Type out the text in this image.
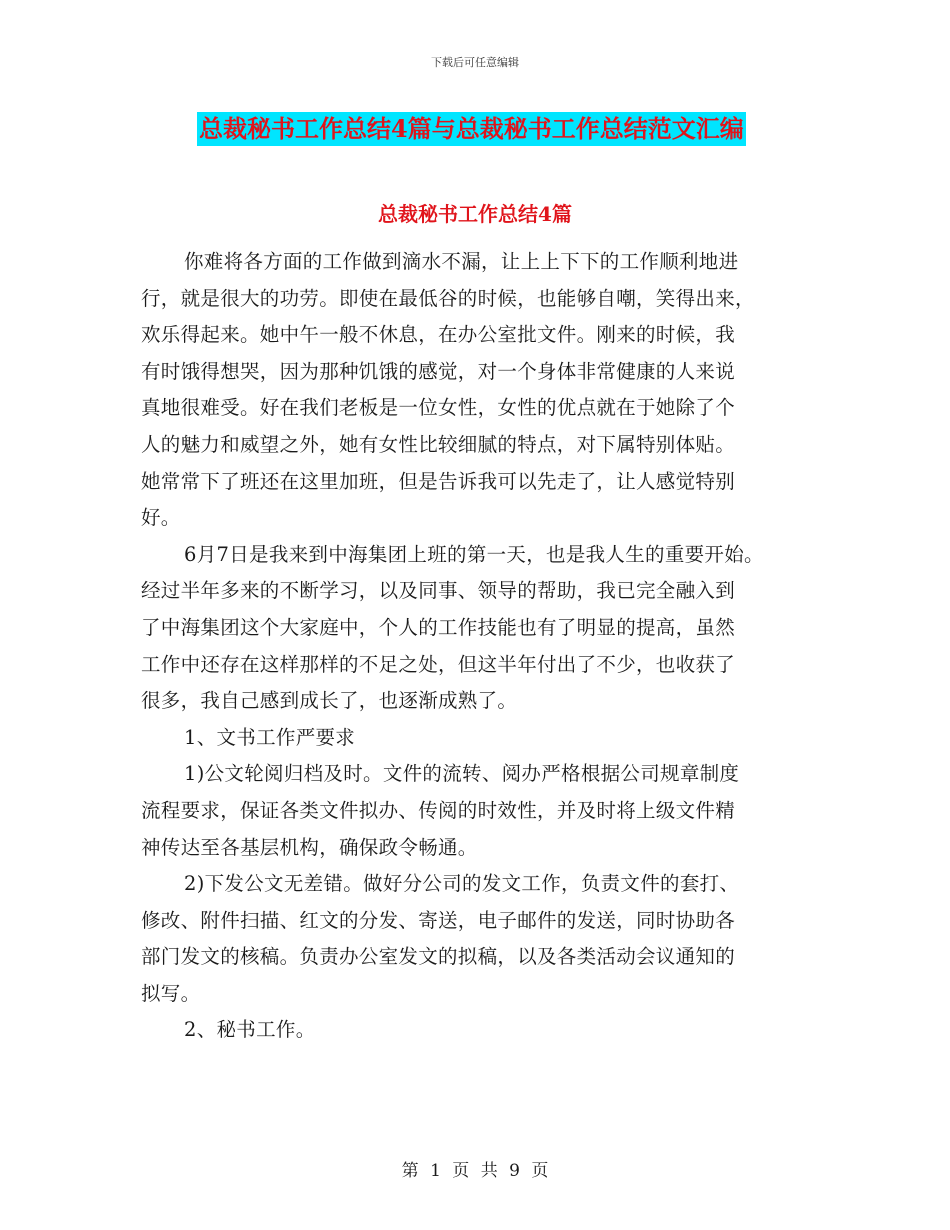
下载后可任意编辑
总裁秘书工作总结4篇与总裁秘书工作总结范文汇编
总裁秘书工作总结4篇

你难将各方面的工作做到滴水不漏，让上上下下的工作顺利地进
行，就是很大的功劳。即使在最低谷的时候，也能够自嘲，笑得出来，
欢乐得起来。她中午一般不休息，在办公室批文件。刚来的时候，我
有时饿得想哭，因为那种饥饿的感觉，对一个身体非常健康的人来说
真地很难受。好在我们老板是一位女性，女性的优点就在于她除了个
人的魅力和威望之外，她有女性比较细腻的特点，对下属特别体贴。
她常常下了班还在这里加班，但是告诉我可以先走了，让人感觉特别
好。

6月7日是我来到中海集团上班的第一天，也是我人生的重要开始。
经过半年多来的不断学习，以及同事、领导的帮助，我已完全融入到
了中海集团这个大家庭中，个人的工作技能也有了明显的提高，虽然
工作中还存在这样那样的不足之处，但这半年付出了不少，也收获了
很多，我自己感到成长了，也逐渐成熟了。

1、文书工作严要求

1)公文轮阅归档及时。文件的流转、阅办严格根据公司规章制度
流程要求，保证各类文件拟办、传阅的时效性，并及时将上级文件精
神传达至各基层机构，确保政令畅通。

2)下发公文无差错。做好分公司的发文工作，负责文件的套打、
修改、附件扫描、红文的分发、寄送，电子邮件的发送，同时协助各
部门发文的核稿。负责办公室发文的拟稿，以及各类活动会议通知的
拟写。

2、秘书工作。

第 1 页 共 9 页
